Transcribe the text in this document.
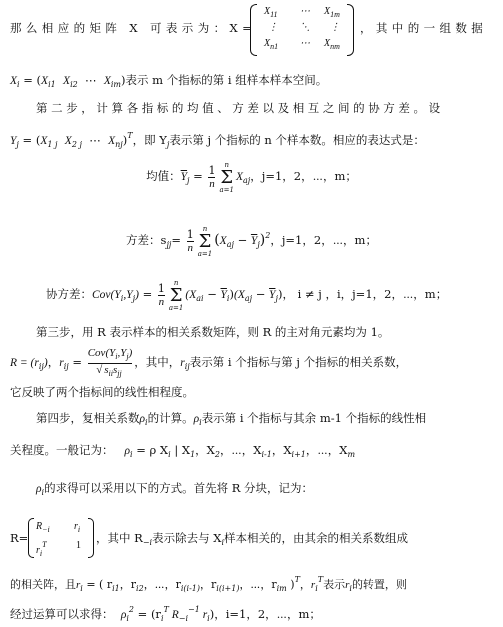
那么相应的矩阵 X 可表示为：X=
$X_{11}$ ⋯ $X_{1m}$
⋮ ⋱ ⋮
$X_{n1}$ ⋯ $X_{nm}$
，其中的一组数据
$X_i = (X_{i1}$ $X_{i2}$ ⋯ $X_{im}$)表示 m 个指标的第 i 组样本样本空间。
第二步，计算各指标的均值、方差以及相互之间的协方差。设
$Y_j = (X_{1 j}$ $X_{2 j}$ ⋯ $X_{nj})^T$，即 $Y_j$表示第 j 个指标的 n 个样本数。相应的表达式是：
均值：$\overline{Y}_j = \frac{1}{n}$	n
Σ
a=1
$X_{aj}$，j=1，2，⋯，m；
方差：$s_{jj}= \frac{1}{n}$	n
Σ
a=1
$(X_{aj} - \overline{Y}_j)^2$，j=1，2，⋯，m；
协方差：$Cov(Y_i,Y_j) = \frac{1}{n}$	n
Σ
a=1
$(X_{ai} - \overline{Y}_i)(X_{aj} - \overline{Y}_j)$， i ≠ j ，i，j=1，2，⋯，m；
第三步，用 R 表示样本的相关系数矩阵，则 R 的主对角元素均为 1。
$R = (r_{ij})$，$r_{ij} = \frac{Cov(Y_i,Y_j)}{√ s_{ii}s_{jj}}$ ，其中，$r_{ij}$表示第 i 个指标与第 j 个指标的相关系数，
它反映了两个指标间的线性相程度。
第四步，复相关系数$\rho_i$的计算。$\rho_i$表示第 i 个指标与其余 m-1 个指标的线性相
关程度。一般记为： $\rho_i = \rho$ $X_i$ | $X_1$，$X_2$，⋯，$X_{i-1}$，$X_{i+1}$，⋯，$X_m$
$\rho_i$的求得可以采用以下的方式。首先将 R 分块，记为：
R=
$R_{-i}$ $r_i$
$r_i^T$	1
，其中 $R_{-i}$表示除去与 $X_i$样本相关的，由其余的相关系数组成
的相关阵，且$r_i$ = ( $r_{i1}$，$r_{i2}$，⋯，$r_{i(i-1)}$，$r_{i(i+1)}$，⋯，$r_{im}$ )$^T$，$r_i^T$表示$r_i$的转置，则
经过运算可以求得： $\rho_i^2 = (r_i^T$ $R_{-i}^{-1}$ $r_i$)，i=1，2，⋯，m；
